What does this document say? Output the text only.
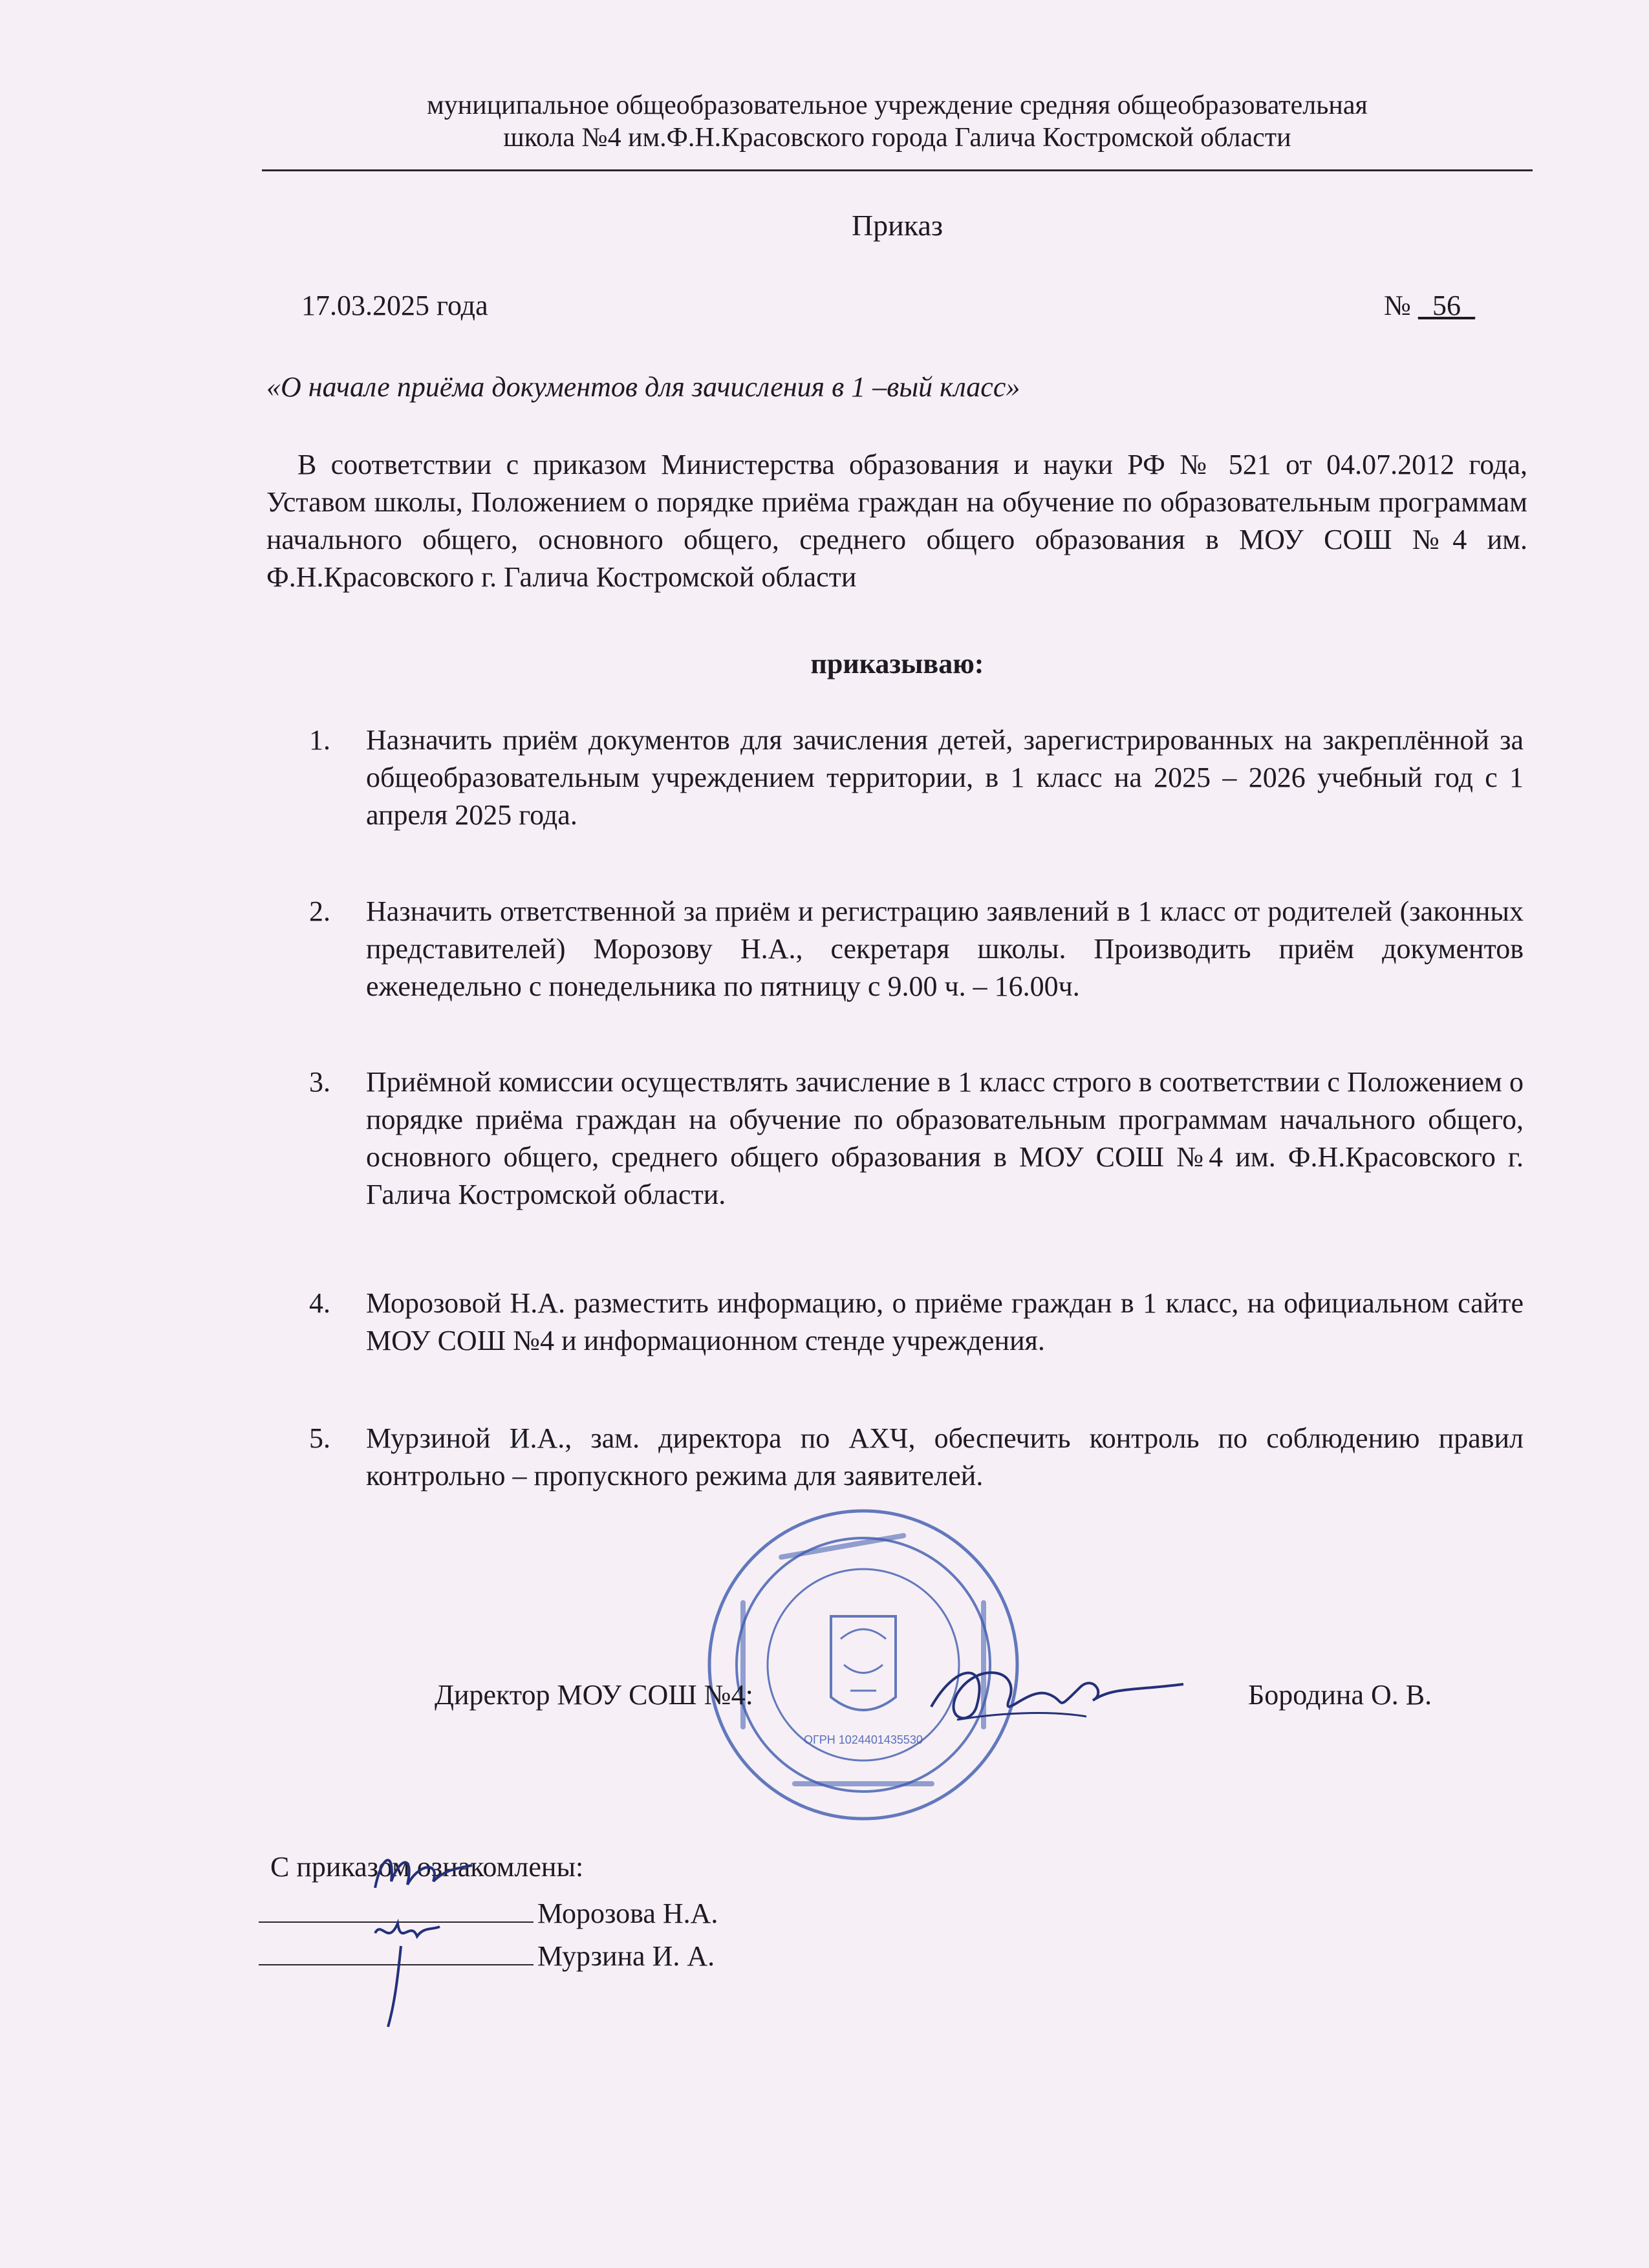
муниципальное общеобразовательное учреждение средняя общеобразовательная
школа №4 им.Ф.Н.Красовского города Галича Костромской области
Приказ
17.03.2025 года	№ _56_
«О начале приёма документов для зачисления в 1 –вый класс»
В соответствии с приказом Министерства образования и науки РФ № 521 от 04.07.2012 года, Уставом школы, Положением о порядке приёма граждан на обучение по образовательным программам начального общего, основного общего, среднего общего образования в МОУ СОШ №4 им. Ф.Н.Красовского г. Галича Костромской области
приказываю:
1.	Назначить приём документов для зачисления детей, зарегистрированных на закреплённой за общеобразовательным учреждением территории, в 1 класс на 2025 – 2026 учебный год с 1 апреля 2025 года.
2.	Назначить ответственной за приём и регистрацию заявлений в 1 класс от родителей (законных представителей) Морозову Н.А., секретаря школы. Производить приём документов еженедельно с понедельника по пятницу с 9.00 ч. – 16.00ч.
3.	Приёмной комиссии осуществлять зачисление в 1 класс строго в соответствии с Положением о порядке приёма граждан на обучение по образовательным программам начального общего, основного общего, среднего общего образования в МОУ СОШ №4 им. Ф.Н.Красовского г. Галича Костромской области.
4.	Морозовой Н.А. разместить информацию, о приёме граждан в 1 класс, на официальном сайте МОУ СОШ №4 и информационном стенде учреждения.
5.	Мурзиной И.А., зам. директора по АХЧ, обеспечить контроль по соблюдению правил контрольно – пропускного режима для заявителей.
ОГРН 1024401435530
Директор МОУ СОШ №4:	Бородина О. В.
С приказом ознакомлены:
Морозова Н.А.
Мурзина И. А.
